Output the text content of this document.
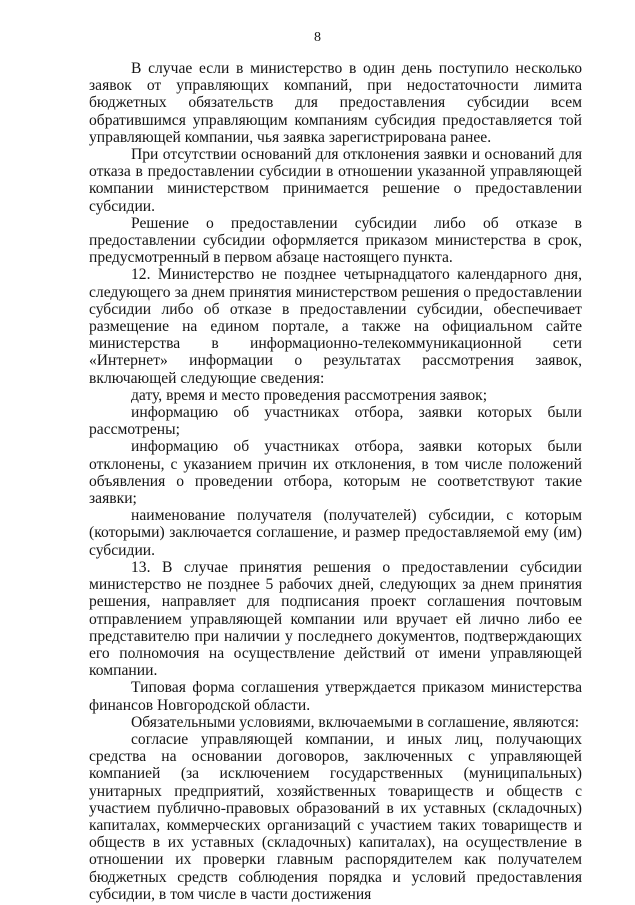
8

В случае если в министерство в один день поступило несколько заявок от управляющих компаний, при недостаточности лимита бюджетных обязательств для предоставления субсидии всем обратившимся управляющим компаниям субсидия предоставляется той управляющей компании, чья заявка зарегистрирована ранее.

При отсутствии оснований для отклонения заявки и оснований для отказа в предоставлении субсидии в отношении указанной управляющей компании министерством принимается решение о предоставлении субсидии.

Решение о предоставлении субсидии либо об отказе в предоставлении субсидии оформляется приказом министерства в срок, предусмотренный в первом абзаце настоящего пункта.

12. Министерство не позднее четырнадцатого календарного дня, следующего за днем принятия министерством решения о предоставлении субсидии либо об отказе в предоставлении субсидии, обеспечивает размещение на едином портале, а также на официальном сайте министерства в информационно-телекоммуникационной сети «Интернет» информации о результатах рассмотрения заявок, включающей следующие сведения:

дату, время и место проведения рассмотрения заявок;

информацию об участниках отбора, заявки которых были рассмотрены;

информацию об участниках отбора, заявки которых были отклонены, с указанием причин их отклонения, в том числе положений объявления о проведении отбора, которым не соответствуют такие заявки;

наименование получателя (получателей) субсидии, с которым (которыми) заключается соглашение, и размер предоставляемой ему (им) субсидии.

13. В случае принятия решения о предоставлении субсидии министерство не позднее 5 рабочих дней, следующих за днем принятия решения, направляет для подписания проект соглашения почтовым отправлением управляющей компании или вручает ей лично либо ее представителю при наличии у последнего документов, подтверждающих его полномочия на осуществление действий от имени управляющей компании.

Типовая форма соглашения утверждается приказом министерства финансов Новгородской области.

Обязательными условиями, включаемыми в соглашение, являются:

согласие управляющей компании, и иных лиц, получающих средства на основании договоров, заключенных с управляющей компанией (за исключением государственных (муниципальных) унитарных предприятий, хозяйственных товариществ и обществ с участием публично-правовых образований в их уставных (складочных) капиталах, коммерческих организаций с участием таких товариществ и обществ в их уставных (складочных) капиталах), на осуществление в отношении их проверки главным распорядителем как получателем бюджетных средств соблюдения порядка и условий предоставления субсидии, в том числе в части достижения
